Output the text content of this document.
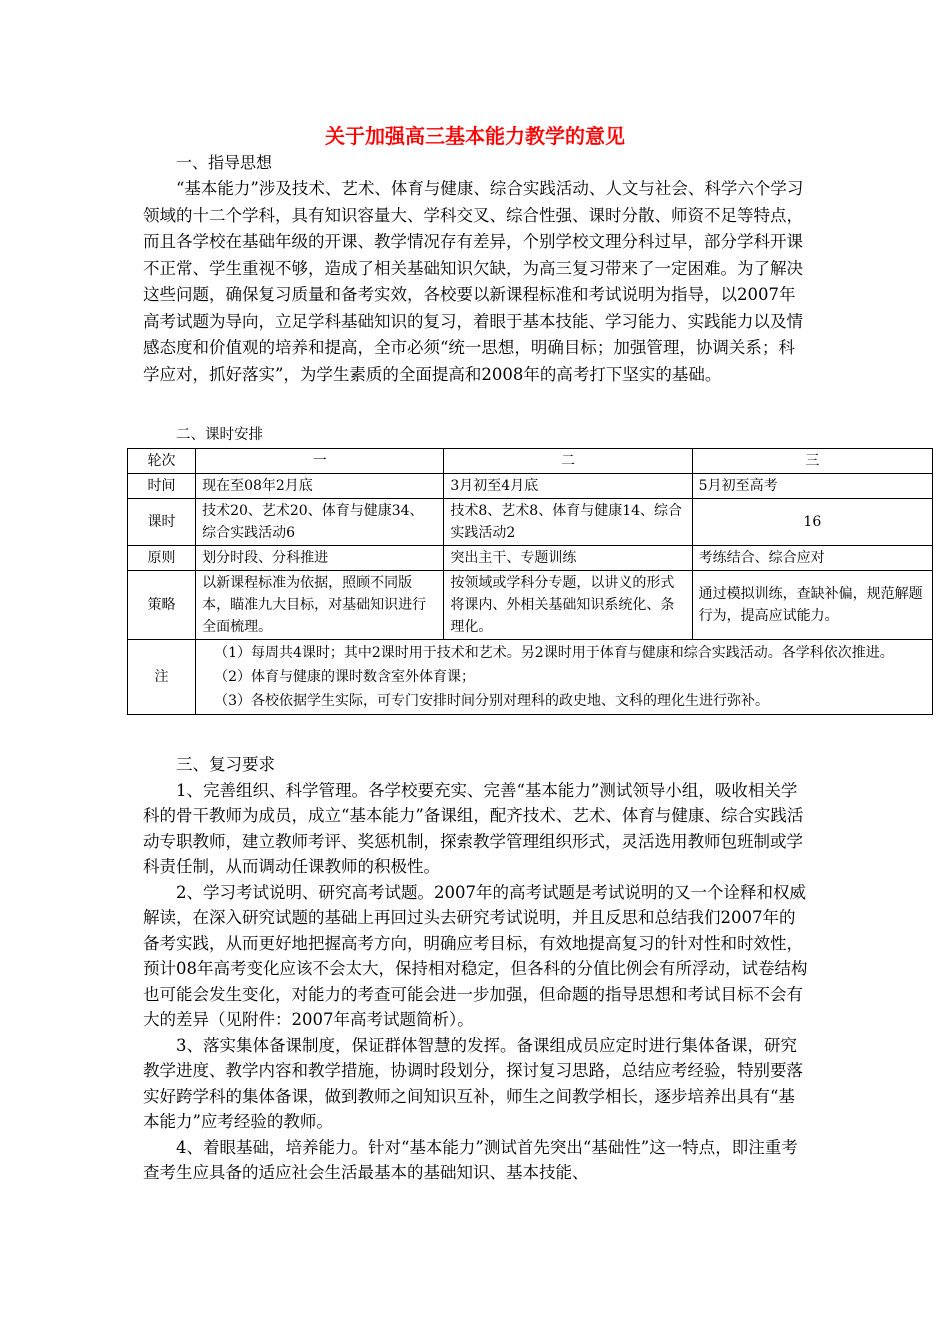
关于加强高三基本能力教学的意见
一、指导思想

“基本能力”涉及技术、艺术、体育与健康、综合实践活动、人文与社会、科学六个学习领域的十二个学科，具有知识容量大、学科交叉、综合性强、课时分散、师资不足等特点，而且各学校在基础年级的开课、教学情况存有差异，个别学校文理分科过早，部分学科开课不正常、学生重视不够，造成了相关基础知识欠缺，为高三复习带来了一定困难。为了解决这些问题，确保复习质量和备考实效，各校要以新课程标准和考试说明为指导，以2007年高考试题为导向，立足学科基础知识的复习，着眼于基本技能、学习能力、实践能力以及情感态度和价值观的培养和提高，全市必须“统一思想，明确目标；加强管理，协调关系；科学应对，抓好落实”，为学生素质的全面提高和2008年的高考打下坚实的基础。

二、课时安排
轮次	一	二	三
时间	现在至08年2月底	3月初至4月底	5月初至高考
课时	技术20、艺术20、体育与健康34、综合实践活动6	技术8、艺术8、体育与健康14、综合实践活动2	16
原则	划分时段、分科推进	突出主干、专题训练	考练结合、综合应对
策略	以新课程标准为依据，照顾不同版本，瞄准九大目标，对基础知识进行全面梳理。	按领域或学科分专题，以讲义的形式将课内、外相关基础知识系统化、条理化。	通过模拟训练，查缺补偏，规范解题行为，提高应试能力。
注	（1）每周共4课时；其中2课时用于技术和艺术。另2课时用于体育与健康和综合实践活动。各学科依次推进。

（2）体育与健康的课时数含室外体育课；

（3）各校依据学生实际，可专门安排时间分别对理科的政史地、文科的理化生进行弥补。		

三、复习要求

1、完善组织、科学管理。各学校要充实、完善“基本能力”测试领导小组，吸收相关学科的骨干教师为成员，成立“基本能力”备课组，配齐技术、艺术、体育与健康、综合实践活动专职教师，建立教师考评、奖惩机制，探索教学管理组织形式，灵活选用教师包班制或学科责任制，从而调动任课教师的积极性。

2、学习考试说明、研究高考试题。2007年的高考试题是考试说明的又一个诠释和权威解读，在深入研究试题的基础上再回过头去研究考试说明，并且反思和总结我们2007年的备考实践，从而更好地把握高考方向，明确应考目标，有效地提高复习的针对性和时效性，预计08年高考变化应该不会太大，保持相对稳定，但各科的分值比例会有所浮动，试卷结构也可能会发生变化，对能力的考查可能会进一步加强，但命题的指导思想和考试目标不会有大的差异（见附件：2007年高考试题简析）。

3、落实集体备课制度，保证群体智慧的发挥。备课组成员应定时进行集体备课，研究教学进度、教学内容和教学措施，协调时段划分，探讨复习思路，总结应考经验，特别要落实好跨学科的集体备课，做到教师之间知识互补，师生之间教学相长，逐步培养出具有“基本能力”应考经验的教师。

4、着眼基础，培养能力。针对“基本能力”测试首先突出“基础性”这一特点，即注重考查考生应具备的适应社会生活最基本的基础知识、基本技能、
